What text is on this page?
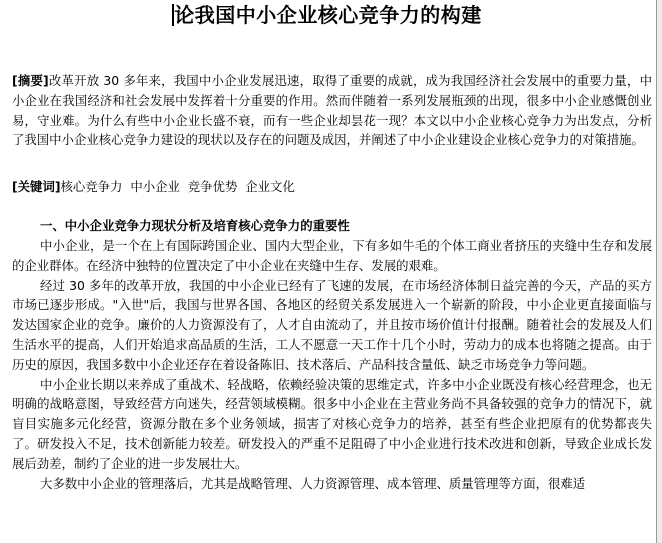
论我国中小企业核心竞争力的构建

[摘要]改革开放 30 多年来，我国中小企业发展迅速，取得了重要的成就，成为我国经济社会发展中的重要力量，中小企业在我国经济和社会发展中发挥着十分重要的作用。然而伴随着一系列发展瓶颈的出现，很多中小企业感慨创业易，守业难。为什么有些中小企业长盛不衰，而有一些企业却昙花一现？本文以中小企业核心竞争力为出发点，分析了我国中小企业核心竞争力建设的现状以及存在的问题及成因，并阐述了中小企业建设企业核心竞争力的对策措施。

[关键词]核心竞争力  中小企业  竞争优势  企业文化

一、中小企业竞争力现状分析及培育核心竞争力的重要性

中小企业，是一个在上有国际跨国企业、国内大型企业，下有多如牛毛的个体工商业者挤压的夹缝中生存和发展的企业群体。在经济中独特的位置决定了中小企业在夹缝中生存、发展的艰难。

经过 30 多年的改革开放，我国的中小企业已经有了飞速的发展，在市场经济体制日益完善的今天，产品的买方市场已逐步形成。"入世"后，我国与世界各国、各地区的经贸关系发展进入一个崭新的阶段，中小企业更直接面临与发达国家企业的竞争。廉价的人力资源没有了，人才自由流动了，并且按市场价值计付报酬。随着社会的发展及人们生活水平的提高，人们开始追求高品质的生活，工人不愿意一天工作十几个小时，劳动力的成本也将随之提高。由于历史的原因，我国多数中小企业还存在着设备陈旧、技术落后、产品科技含量低、缺乏市场竞争力等问题。

中小企业长期以来养成了重战术、轻战略，依赖经验决策的思维定式，许多中小企业既没有核心经营理念，也无明确的战略意图，导致经营方向迷失，经营领域模糊。很多中小企业在主营业务尚不具备较强的竞争力的情况下，就盲目实施多元化经营，资源分散在多个业务领域，损害了对核心竞争力的培养，甚至有些企业把原有的优势都丧失了。研发投入不足，技术创新能力较差。研发投入的严重不足阻碍了中小企业进行技术改进和创新，导致企业成长发展后劲差，制约了企业的进一步发展壮大。

大多数中小企业的管理落后，尤其是战略管理、人力资源管理、成本管理、质量管理等方面，很难适
